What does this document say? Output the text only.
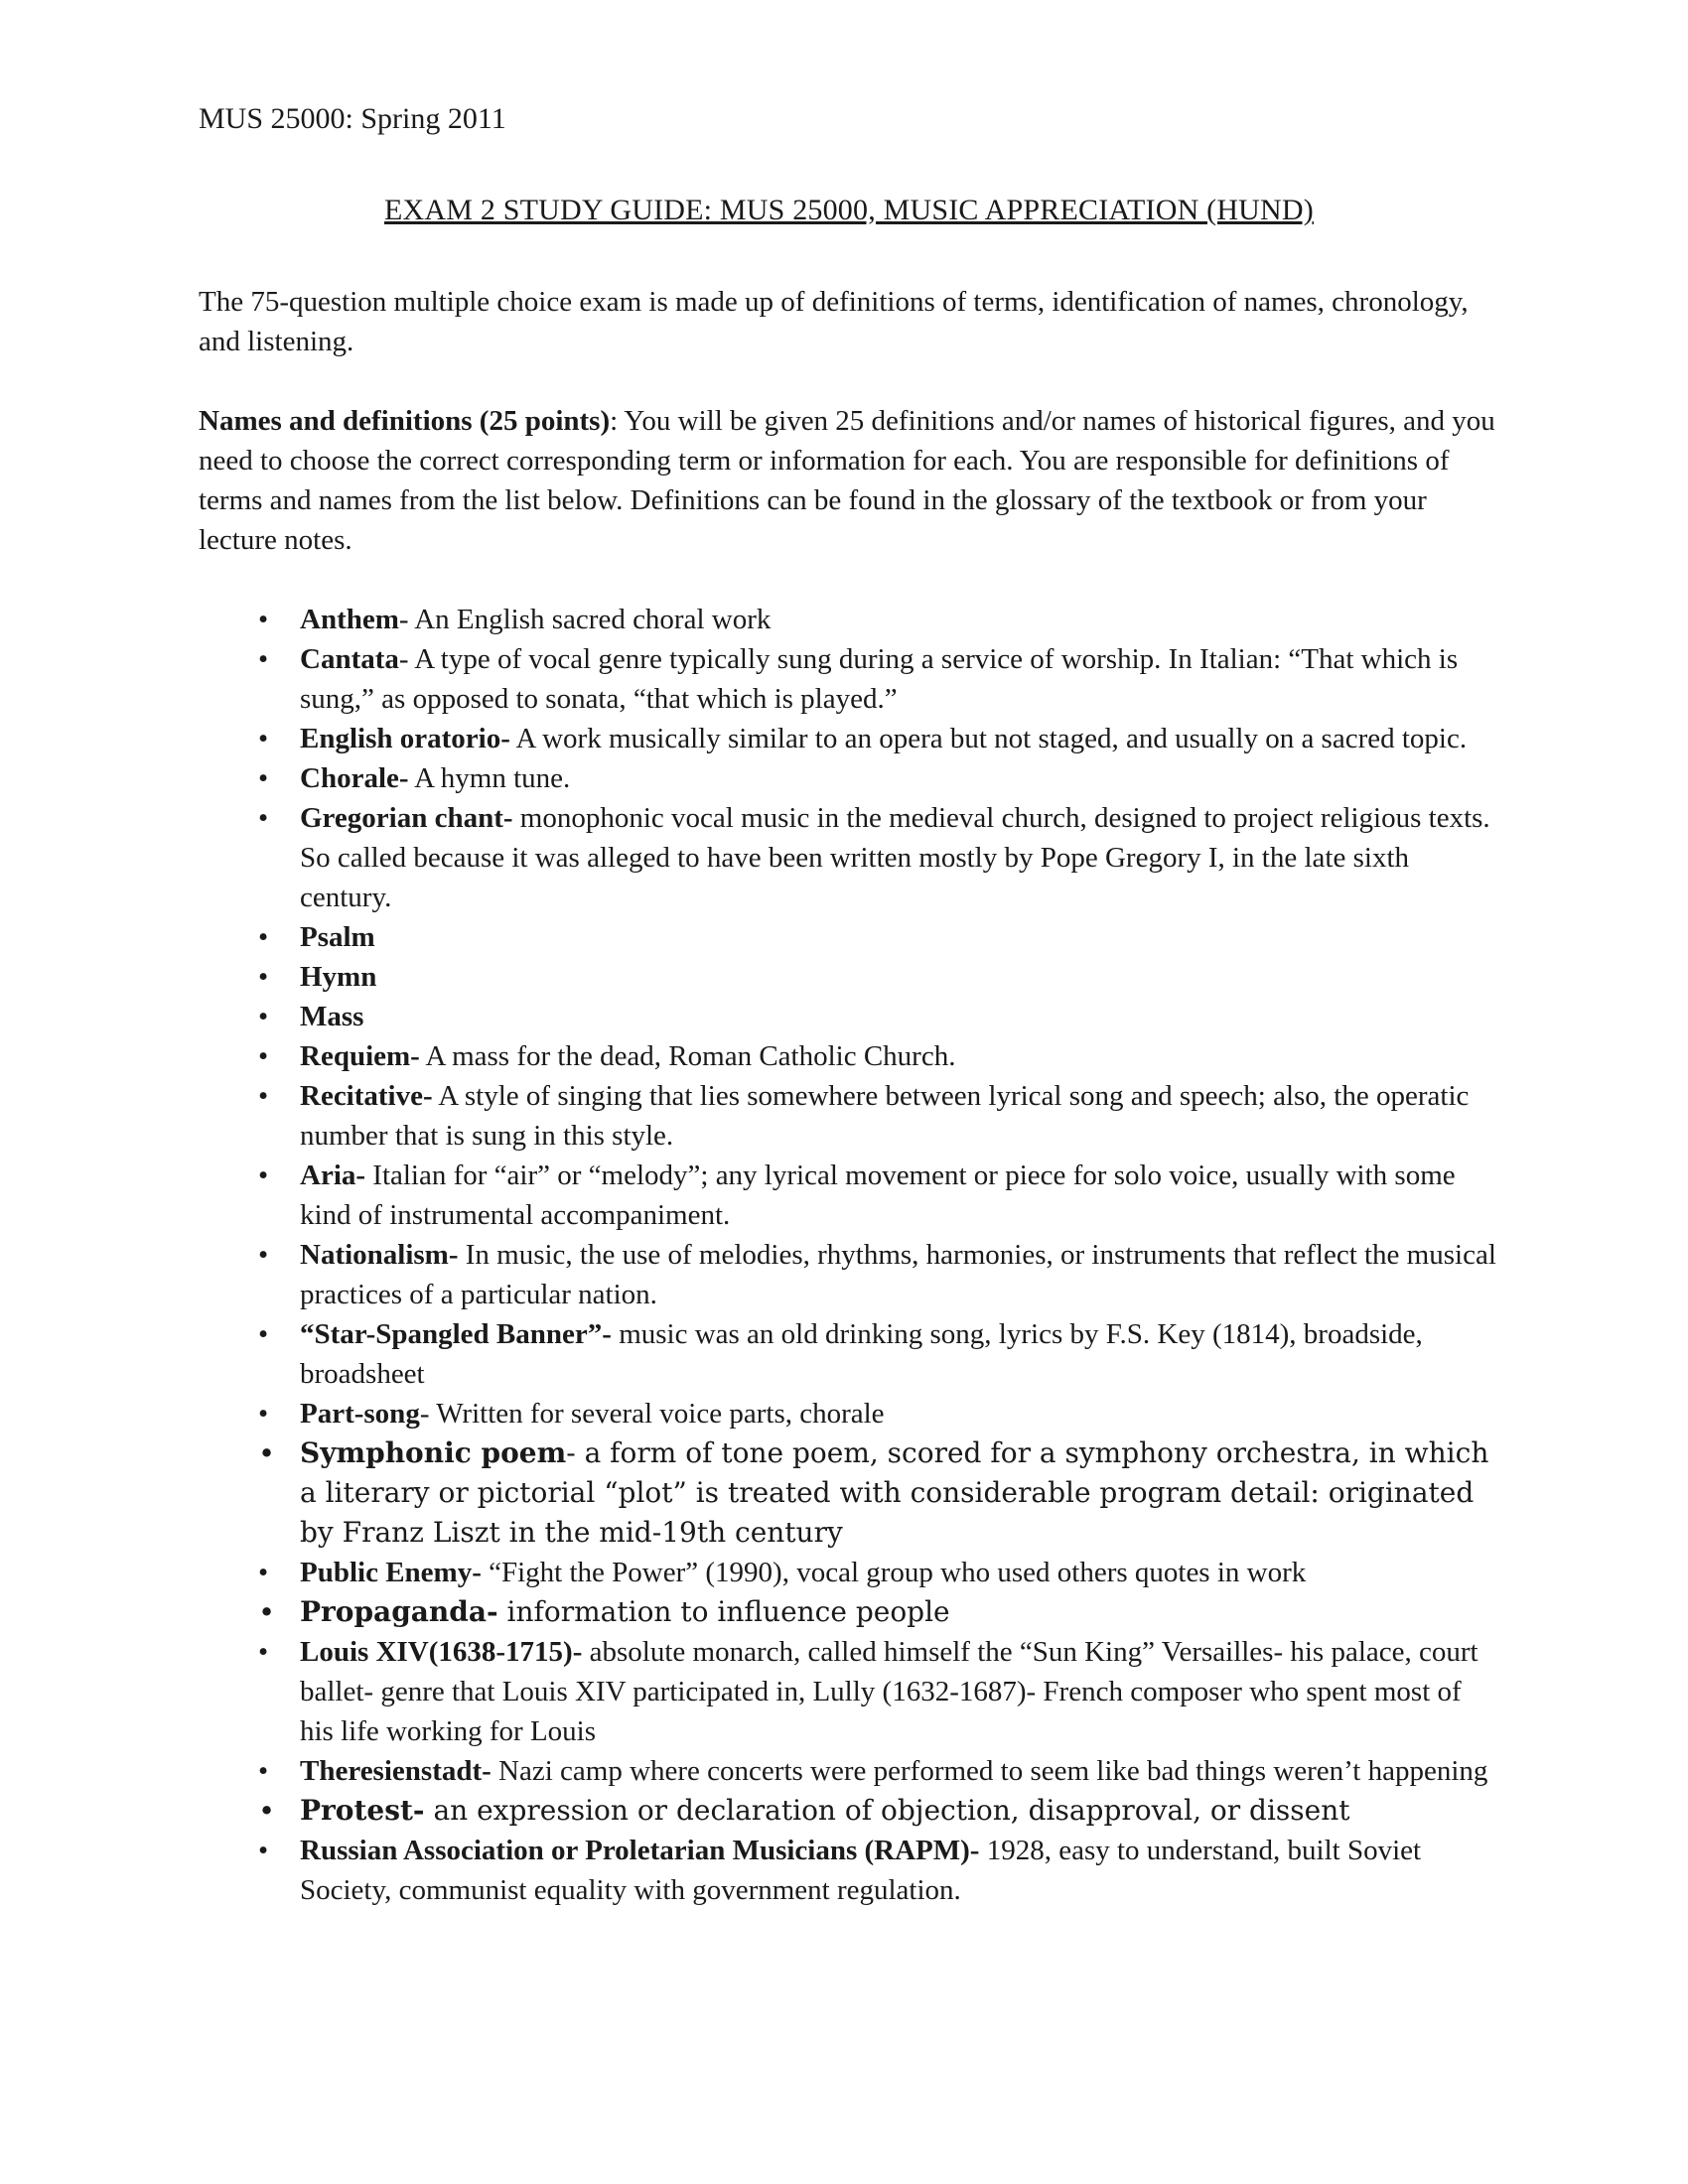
MUS 25000: Spring 2011
EXAM 2 STUDY GUIDE: MUS 25000, MUSIC APPRECIATION (HUND)

The 75-question multiple choice exam is made up of definitions of terms, identification of names, chronology, and listening.

Names and definitions (25 points): You will be given 25 definitions and/or names of historical figures, and you need to choose the correct corresponding term or information for each. You are responsible for definitions of terms and names from the list below. Definitions can be found in the glossary of the textbook or from your lecture notes.

• Anthem- An English sacred choral work
• Cantata- A type of vocal genre typically sung during a service of worship. In Italian: “That which is sung,” as opposed to sonata, “that which is played.”
• English oratorio- A work musically similar to an opera but not staged, and usually on a sacred topic.
• Chorale- A hymn tune.
• Gregorian chant- monophonic vocal music in the medieval church, designed to project religious texts. So called because it was alleged to have been written mostly by Pope Gregory I, in the late sixth century.
• Psalm
• Hymn
• Mass
• Requiem- A mass for the dead, Roman Catholic Church.
• Recitative- A style of singing that lies somewhere between lyrical song and speech; also, the operatic number that is sung in this style.
• Aria- Italian for “air” or “melody”; any lyrical movement or piece for solo voice, usually with some kind of instrumental accompaniment.
• Nationalism- In music, the use of melodies, rhythms, harmonies, or instruments that reflect the musical practices of a particular nation.
• “Star-Spangled Banner”- music was an old drinking song, lyrics by F.S. Key (1814), broadside, broadsheet
• Part-song- Written for several voice parts, chorale
• Symphonic poem- a form of tone poem, scored for a symphony orchestra, in which a literary or pictorial “plot” is treated with considerable program detail: originated by Franz Liszt in the mid-19th century
• Public Enemy- “Fight the Power” (1990), vocal group who used others quotes in work
• Propaganda- information to influence people
• Louis XIV(1638-1715)- absolute monarch, called himself the “Sun King” Versailles- his palace, court ballet- genre that Louis XIV participated in, Lully (1632-1687)- French composer who spent most of his life working for Louis
• Theresienstadt- Nazi camp where concerts were performed to seem like bad things weren’t happening
• Protest- an expression or declaration of objection, disapproval, or dissent
• Russian Association or Proletarian Musicians (RAPM)- 1928, easy to understand, built Soviet Society, communist equality with government regulation.
